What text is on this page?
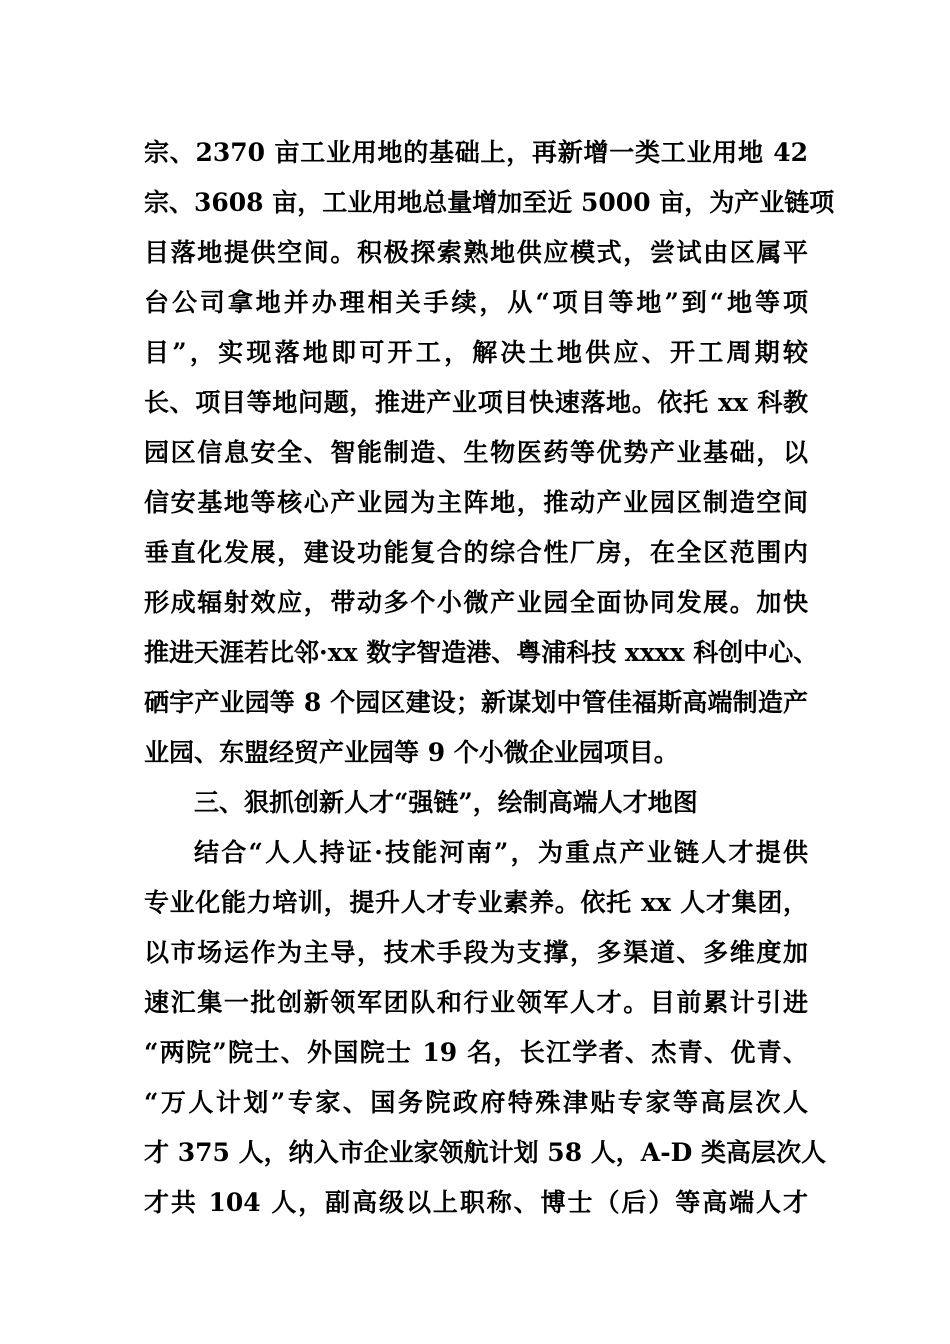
宗、2370 亩工业用地的基础上，再新增一类工业用地 42
宗、3608 亩，工业用地总量增加至近 5000 亩，为产业链项
目落地提供空间。积极探索熟地供应模式，尝试由区属平
台公司拿地并办理相关手续，从“项目等地”到“地等项
目”，实现落地即可开工，解决土地供应、开工周期较
长、项目等地问题，推进产业项目快速落地。依托 xx 科教
园区信息安全、智能制造、生物医药等优势产业基础，以
信安基地等核心产业园为主阵地，推动产业园区制造空间
垂直化发展，建设功能复合的综合性厂房，在全区范围内
形成辐射效应，带动多个小微产业园全面协同发展。加快
推进天涯若比邻·xx 数字智造港、粤浦科技 xxxx 科创中心、
硒宇产业园等 8 个园区建设；新谋划中管佳福斯高端制造产
业园、东盟经贸产业园等 9 个小微企业园项目。
三、狠抓创新人才“强链”，绘制高端人才地图
结合“人人持证·技能河南”，为重点产业链人才提供
专业化能力培训，提升人才专业素养。依托 xx 人才集团，
以市场运作为主导，技术手段为支撑，多渠道、多维度加
速汇集一批创新领军团队和行业领军人才。目前累计引进
“两院”院士、外国院士 19 名，长江学者、杰青、优青、
“万人计划”专家、国务院政府特殊津贴专家等高层次人
才 375 人，纳入市企业家领航计划 58 人，A-D 类高层次人
才共 104 人，副高级以上职称、博士（后）等高端人才
